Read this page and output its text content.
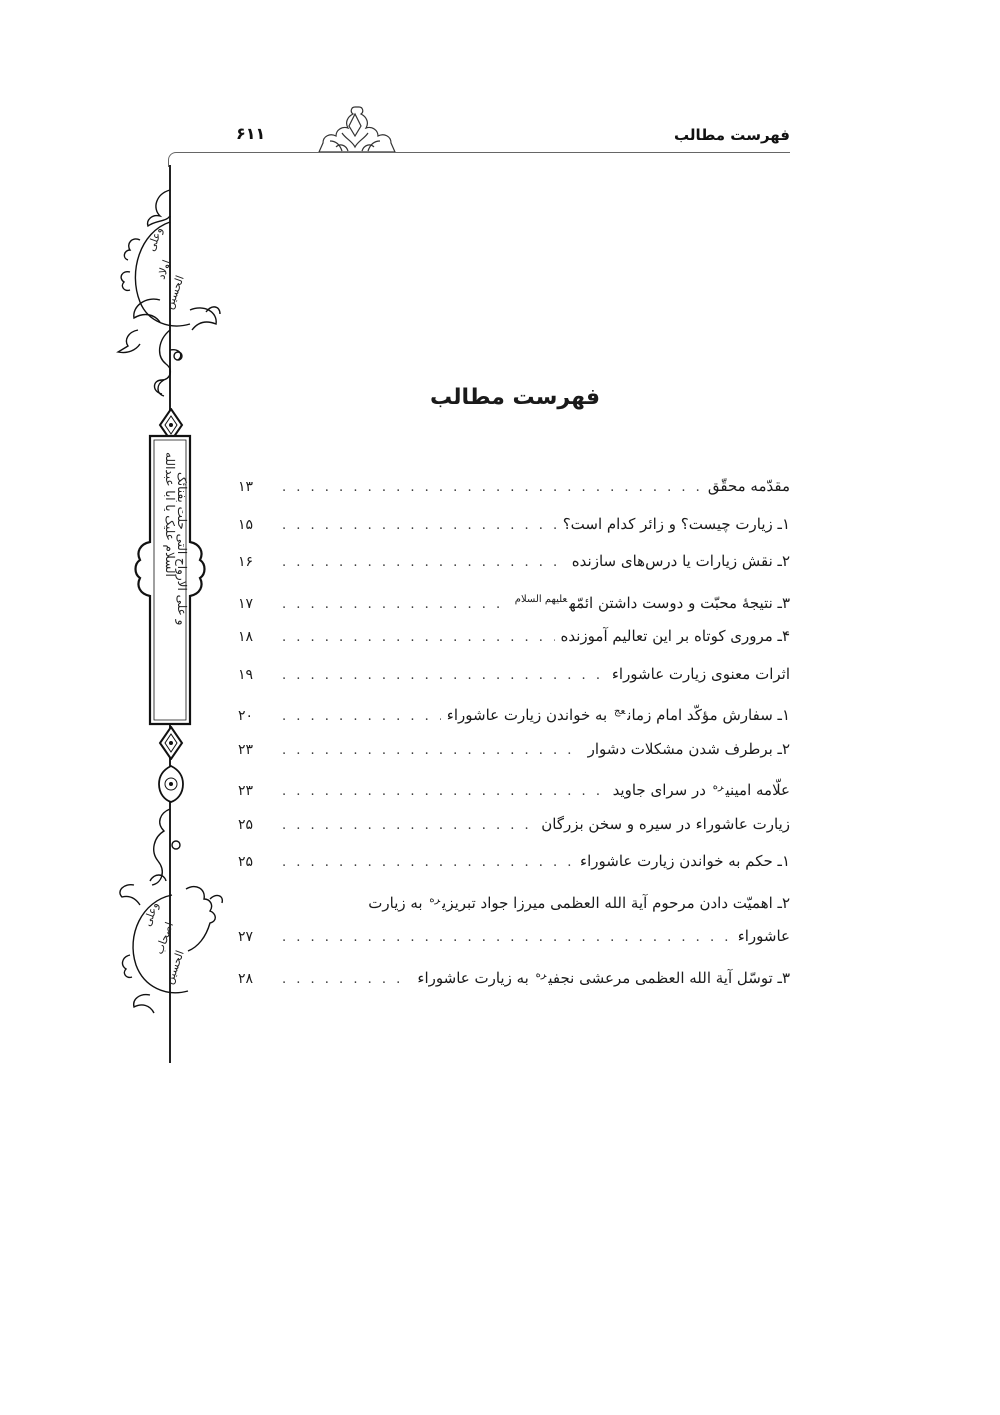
فهرست مطالب
۶۱۱
وعلی
اولاد
الحسین
السلام علیک یا ابا عبدالله
و علی الارواح التی حلت بفنائک
وعلی
اصحاب
الحسین
فهرست مطالب
مقدّمه محقّق
. . .
۱۳
۱ـ زیارت چیست؟ و زائر کدام است؟
. . .
۱۵
۲ـ نقش زیارات یا درس‌های سازنده
. . .
۱۶
۳ـ نتیجهٔ محبّت و دوست داشتن ائمّه$^{علیهم السلام}$
. . .
۱۷
۴ـ مروری کوتاه بر این تعالیم آموزنده
. . .
۱۸
اثرات معنوی زیارت عاشوراء
. . .
۱۹
۱ـ سفارش مؤکّد امام زمان$^{عج}$ به خواندن زیارت عاشوراء
. . .
۲۰
۲ـ برطرف شدن مشکلات دشوار
. . .
۲۳
علّامه امینی$^{ره}$ در سرای جاوید
. . .
۲۳
زیارت عاشوراء در سیره و سخن بزرگان
. . .
۲۵
۱ـ حکم به خواندن زیارت عاشوراء
. . .
۲۵
۲ـ اهمیّت دادن مرحوم آیة الله العظمی میرزا جواد تبریزی$^{ره}$ به زیارت
عاشوراء
. . .
۲۷
۳ـ توسّل آیة الله العظمی مرعشی نجفی$^{ره}$ به زیارت عاشوراء
. . .
۲۸
